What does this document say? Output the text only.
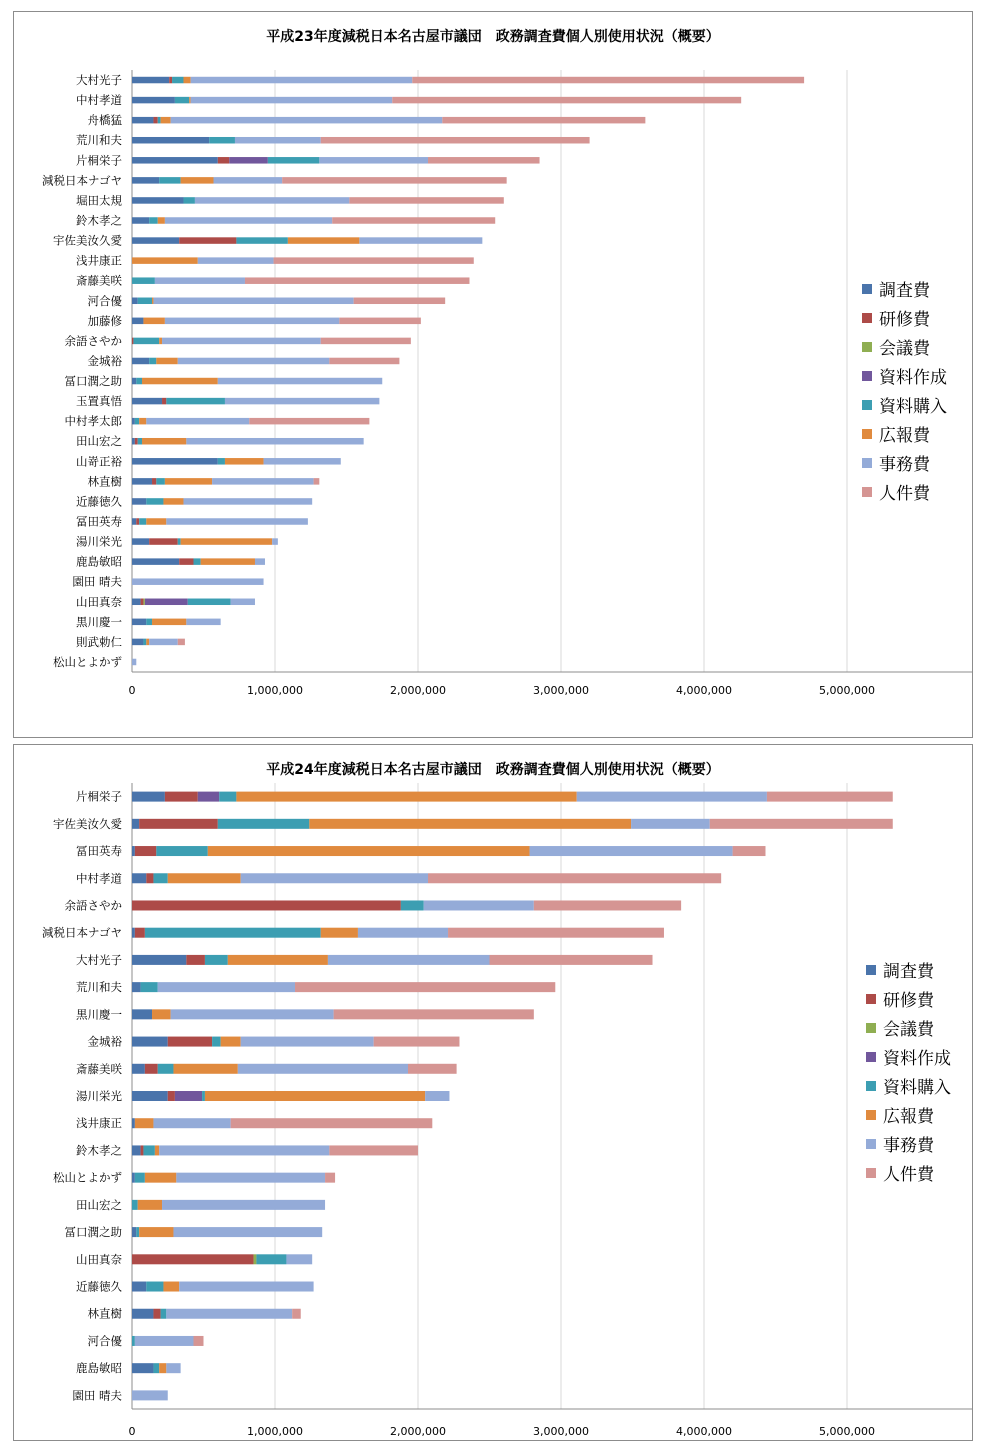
平成23年度減税日本名古屋市議団　政務調査費個人別使用状況（概要）
0	1,000,000	2,000,000	3,000,000	4,000,000	5,000,000
大村光子
中村孝道
舟橋猛
荒川和夫
片桐栄子
減税日本ナゴヤ
堀田太規
鈴木孝之
宇佐美汝久愛
浅井康正
斎藤美咲
河合優
加藤修
余語さやか
金城裕
冨口潤之助
玉置真悟
中村孝太郎
田山宏之
山嵜正裕
林直樹
近藤徳久
冨田英寿
湯川栄光
鹿島敏昭
園田 晴夫
山田真奈
黒川慶一
則武勅仁
松山とよかず
調査費
研修費
会議費
資料作成
資料購入
広報費
事務費
人件費
平成24年度減税日本名古屋市議団　政務調査費個人別使用状況（概要）
0	1,000,000	2,000,000	3,000,000	4,000,000	5,000,000
片桐栄子
宇佐美汝久愛
冨田英寿
中村孝道
余語さやか
減税日本ナゴヤ
大村光子
荒川和夫
黒川慶一
金城裕
斎藤美咲
湯川栄光
浅井康正
鈴木孝之
松山とよかず
田山宏之
冨口潤之助
山田真奈
近藤徳久
林直樹
河合優
鹿島敏昭
園田 晴夫
調査費
研修費
会議費
資料作成
資料購入
広報費
事務費
人件費
